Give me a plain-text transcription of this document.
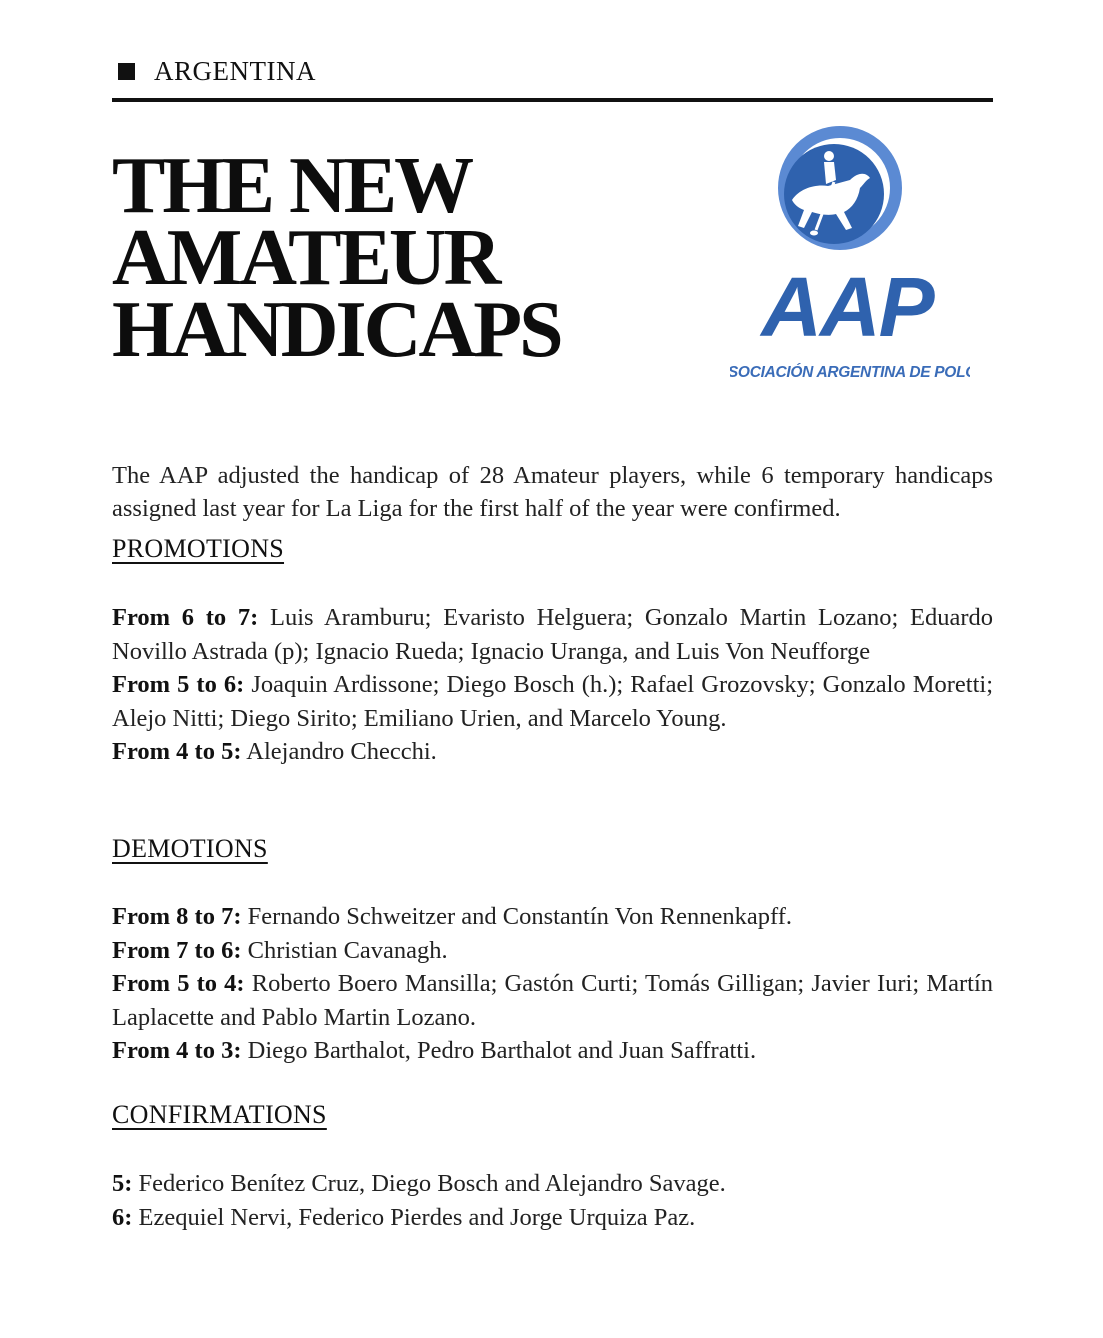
ARGENTINA
THE NEW
AMATEUR
HANDICAPS	AAP
ASOCIACIÓN ARGENTINA DE POLO

The AAP adjusted the handicap of 28 Amateur players, while 6 temporary handicaps assigned last year for La Liga for the first half of the year were confirmed.

PROMOTIONS
From 6 to 7: Luis Aramburu; Evaristo Helguera; Gonzalo Martin Lozano; Eduardo Novillo Astrada (p); Ignacio Rueda; Ignacio Uranga, and Luis Von Neufforge
From 5 to 6: Joaquin Ardissone; Diego Bosch (h.); Rafael Grozovsky; Gonzalo Moretti; Alejo Nitti; Diego Sirito; Emiliano Urien, and Marcelo Young.
From 4 to 5: Alejandro Checchi.
DEMOTIONS
From 8 to 7: Fernando Schweitzer and Constantín Von Rennenkapff.
From 7 to 6: Christian Cavanagh.
From 5 to 4: Roberto Boero Mansilla; Gastón Curti; Tomás Gilligan; Javier Iuri; Martín Laplacette and Pablo Martin Lozano.
From 4 to 3: Diego Barthalot, Pedro Barthalot and Juan Saffratti.
CONFIRMATIONS
5: Federico Benítez Cruz, Diego Bosch and Alejandro Savage.
6: Ezequiel Nervi, Federico Pierdes and Jorge Urquiza Paz.
